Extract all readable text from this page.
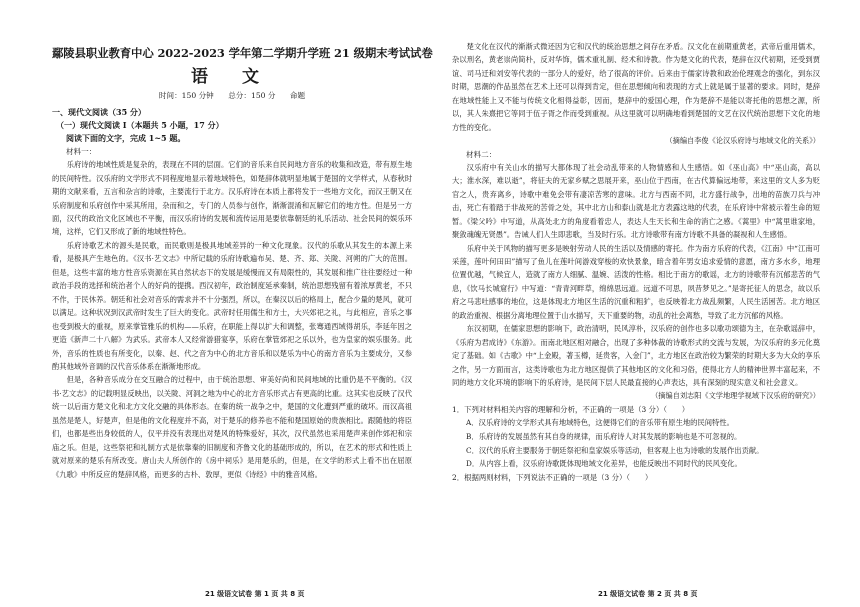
鄢陵县职业教育中心 2022-2023 学年第二学期升学班 21 级期末考试试卷
语 文
时间：150 分钟 总分：150 分 命题
一、现代文阅读（35 分）
（一）现代文阅读 I（本题共 5 小题，17 分）
阅读下面的文字，完成 1~5 题。
材料一：

乐府诗的地域性质是复杂的，表现在不同的层面。它们的音乐来自民间地方音乐的收集和改造，带有原生地的民间特性。汉乐府的文学形式不同程度地显示着地域特色，如楚辞体就明显地属于楚国的文学样式，从春秋时期的文献来看，五言和杂言的诗歌，主要流行于北方。汉乐府诗在本质上都将发于一些地方文化，而汉王朝又在乐府制度和乐府创作中采其所用，杂而和之，专门的人员参与创作，渐渐混淆和瓦解它们的地方性。但是另一方面，汉代的政治文化区域也不平衡，而汉乐府诗的发展和流传运用是要依靠朝廷的礼乐活动、社会民间的娱乐环境，这样，它们又形成了新的地域性特色。

乐府诗歌艺术的源头是民歌，而民歌则是极具地域差异的一种文化现象。汉代的乐歌从其发生的本源上来看，是极具产生地色的。《汉书·艺文志》中所记载的乐府诗歌遍布吴、楚、齐、郑、关陇、河朔的广大的范围。但是，这些丰富的地方性音乐资源在其自然状态下的发展是缓慢而又有局限性的，其发展和推广往往要经过一种政治手段的选择和统治者个人的好尚的提携。西汉初年，政治制度延承秦制，统治思想残留有着浓厚黄老，不只不作，于民休养。朝廷和社会对音乐的需求并不十分强烈，所以，在秦汉以后的格局上，配合少量的楚风，就可以满足。这种状况到汉武帝时发生了巨大的变化。武帝时任用儒生和方士，大兴郊祀之礼，与此相应，音乐之事也受到极大的重视，原来掌管雅乐的机构——乐府，在职能上得以扩大和调整，张骞通西域得胡乐，李延年因之更造《新声二十八解》为武乐。武帝本人又经常游猎宴享，乐府在掌管郊祀之乐以外，也为皇家的娱乐服务。此外，音乐的性质也有所变化，以秦、赵、代之音为中心的北方音乐和以楚乐为中心的南方音乐为主要成分，又参酌其他域外音调的汉代音乐体系在渐渐地形成。

但是，各种音乐成分在交互融合的过程中，由于统治思想、审美好尚和民间地域的比重仍是不平衡的。《汉书·艺文志》的记载明显反映出，以关陇、河洞之地为中心的北方音乐形式占有更高的比重。这其实也反映了汉代统一以后南方楚文化和北方文化交融的具体形态。在秦的统一战争之中，楚国的文化遭到严重的破坏。而汉高祖虽然是楚人，好楚声，但是他的文化程度并不高，对于楚乐的修养也不能和楚国原始的贵族相比。跟随他的将臣们，也都是些出身较低的人，仅平并没有表现出对楚风的特殊爱好，其次，汉代虽然也采用楚声来创作郊祀和宗庙之乐。但是，这些祭祀和礼制方式是依靠秦的旧制度和齐鲁文化的基础形成的，所以，在艺术的形式和性质上就对原来的楚乐有所改变。唐山夫人所创作的《房中祠乐》是用楚乐的，但是，在文学的形式上看不出在屈原《九歌》中所反应的楚辞风格，而更多的古朴、敦厚，更似《诗经》中的雅音风格。

楚文化在汉代的渐渐式微还因为它和汉代的统治思想之间存在矛盾。汉文化在前期重黄老，武帝后重用儒术，杂以刑名，黄老崇尚简朴，反对华饰，儒术重礼制、经术和诗教。作为楚文化的代表，楚辞在汉代初期，还受到贾谊、司马迁和刘安等代表的一部分人的爱好，给了很高的评价。后来由于儒家诗教和政治伦理观念的强化，到东汉时期，思潮的作品虽然在艺术上还可以得到肯定，但在思想倾向和表现的方式上就是属于显著的要求。同时，楚辞在地域性能上又不能与传统文化相得益彰，因而，楚辞中的爱国心理，作为楚辞不是能以寄托他的思想之源，所以，其人朱熹把它等同于伍子胥之作而受到重视。从这里就可以明确地看到楚国的文艺在汉代统治思想下文化的地方性的变化。

（摘编自李俊《论汉乐府诗与地域文化的关系》）

材料二：

汉乐府中有关山水的描写大都体现了社会动乱带来的人物情感和人生感悟。如《巫山高》中“巫山高，高以大；淮水深，难以逝”，将征夫的无家乡赋之思展开来，巫山位于西南，在古代算偏远地带，来这里的文人多为贬官之人，贵弃离乡，诗歌中难免会带有凄凉苦寒的意味。北方与西南不同，北方盛行战争，出地的苗族刀兵与冲击，死亡有着踏于非战死的苦骨之处，其中北方山和泰山就是北方表露这地的代表，在乐府诗中常被示着生命的短暂。《梁父吟》中写道，从高处北方的角度看着忠人，表达人生天长和生命的消亡之感。《蒿里》中“蒿里谁家地，聚敛魂魄无贤愚”。告诫人们人生即悲歌，当及时行乐。北方诗歌带有南方诗歌不具备的凝视和人生感悟。

乐府中关于风物的描写更多是映射劳动人民的生活以及情感的寄托。作为南方乐府的代表，《江南》中“江南可采莲，莲叶何田田”描写了鱼儿在莲叶间游戏穿梭的欢快景象，暗含着年男女追求爱情的意愿，南方多水乡，地理位置优越，气候宜人，造就了南方人细腻、温婉、活泼的性格。相比于南方的歌谣，北方的诗歌带有沉郁悲苦的气息，《饮马长城窟行》中写道：“青青河畔草，绵绵思远道。远道不可思，夙昔梦见之。”是寄托征人的思念，故以乐府之马悲吐感事的地位，这是体现北方地区生活的沉重和粗犷，也反映着北方战乱频繁，人民生活困苦。北方地区的政治重视、根据分离地理位置于山水描写，天下重要的物，动乱的社会离愁，导致了北方沉郁的风格。

东汉初期，在儒家思想的影响下，政治清明，民风淳朴，汉乐府的创作也多以歌功颂德为主，在杂歌谣辞中，《乐府为君成诗》《东游》。而南北地区相对融合，出现了多种体裁的诗歌形式的交流与发展，为汉乐府的多元化奠定了基础。如《古歌》中“上金殿，著玉樽，延贵客，入金门”，北方地区在政治较为繁荣的时期大多为大众的享乐之作，另一方面而言，这类诗歌也为北方地区提供了其他地区的文化和习俗，使得北方人的精神世界丰富起来，不同的地方文化环境的影响下的乐府诗，是民间下层人民最直接的心声表达，具有深刻的现实意义和社会意义。

（摘编自刘志阳《文学地理学视域下汉乐府的研究》）

1．下列对材料相关内容的理解和分析，不正确的一项是（3 分）（　　）

A．汉乐府诗的文学形式具有地域特色，这便得它们的音乐带有原生地的民间特性。

B．乐府诗的发展虽然有其自身的规律，而乐府诗人对其发展的影响也是不可忽视的。

C．汉代的乐府主要服务于朝廷祭祀和皇家娱乐等活动，但客观上也为诗歌的发展作出贡献。

D．从内容上看，汉乐府诗歌既体现地域文化差异，也能反映出不同时代的民风变化。

2．根据两则材料，下列说法不正确的一项是（3 分）（　　）

21 级语文试卷 第 1 页 共 8 页	21 级语文试卷 第 2 页 共 8 页
